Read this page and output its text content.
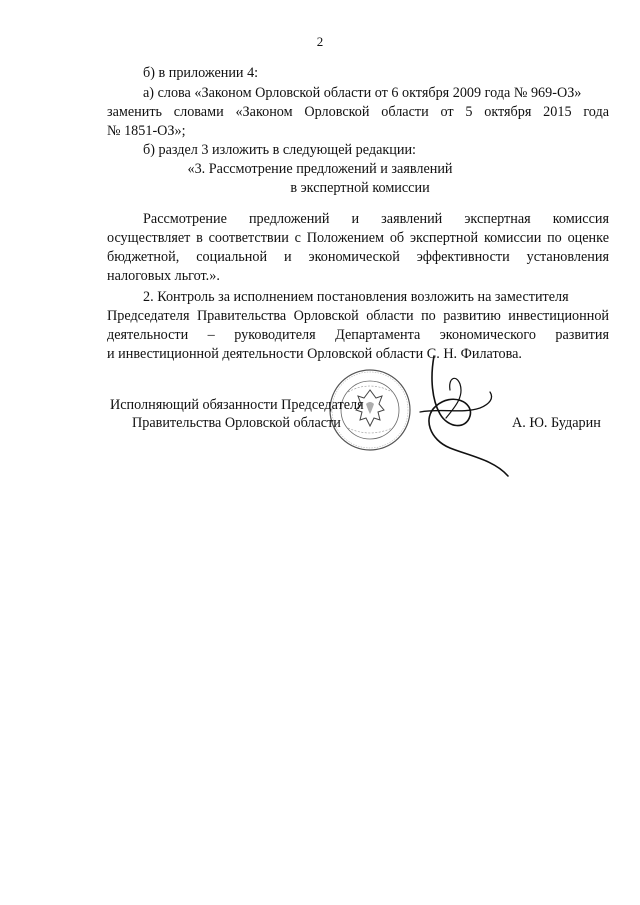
2
б) в приложении 4:
а) слова «Законом Орловской области от 6 октября 2009 года № 969-ОЗ»
заменить словами «Законом Орловской области от 5 октября 2015 года
№ 1851-ОЗ»;
б) раздел 3 изложить в следующей редакции:
«3. Рассмотрение предложений и заявлений
в экспертной комиссии
Рассмотрение предложений и заявлений экспертная комиссия
осуществляет в соответствии с Положением об экспертной комиссии по оценке
бюджетной, социальной и экономической эффективности установления
налоговых льгот.».
2. Контроль за исполнением постановления возложить на заместителя
Председателя Правительства Орловской области по развитию инвестиционной
деятельности – руководителя Департамента экономического развития
и инвестиционной деятельности Орловской области С. Н. Филатова.
Исполняющий обязанности Председателя
Правительства Орловской области	А. Ю. Бударин
